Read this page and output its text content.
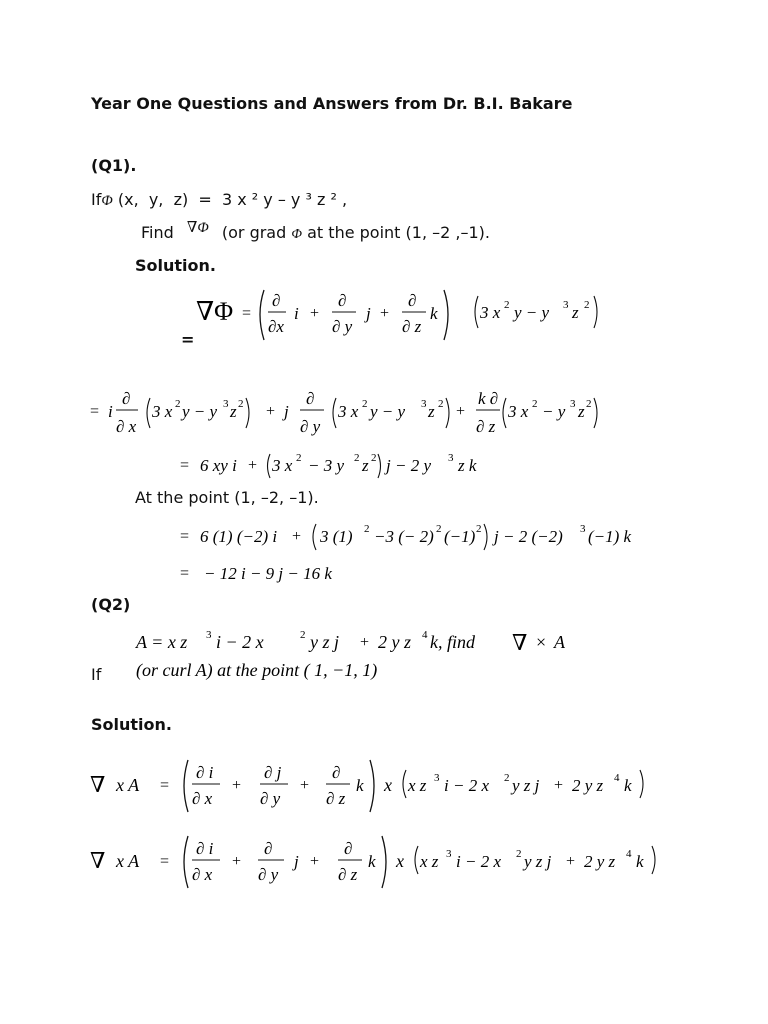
Year One Questions and Answers from Dr. B.I. Bakare
(Q1).
IfΦ (x,  y,  z)  =  3 x ² y – y ³ z ² ,
Find ∇Φ (or grad Φ at the point (1, –2 ,–1).
Solution.
∇Φ =
∂
∂x
i +
∂
∂ y
j +
∂
∂ z
k 3 x 2 y − y 3 z 2
=
= i
∂
∂ x
3 x 2 y − y 3 z 2 + j
∂
∂ y
3 x 2 y − y 3 z 2 +
k ∂
∂ z
3 x 2 − y 3 z 2
= 6 xy i + 3 x 2 − 3 y 2 z 2 j − 2 y 3 z k
At the point (1, –2, –1).
= 6 (1) (−2) i + 3 (1) 2 −3 (− 2) 2 (−1) 2 j − 2 (−2) 3 (−1) k
= − 12 i − 9 j − 16 k
(Q2)
A = x z 3 i − 2 x	2 y z j + 2 y z 4 k, find ∇ × A
(or curl A) at the point ( 1, −1, 1)
If
Solution.
∇ x A =
∂ i
∂ x
+
∂ j
∂ y
+
∂
∂ z
k x x z 3 i − 2 x 2 y z j + 2 y z 4 k
∇ x A =
∂ i
∂ x
+
∂
∂ y
j +
∂
∂ z
k x x z 3 i − 2 x 2 y z j + 2 y z 4 k
